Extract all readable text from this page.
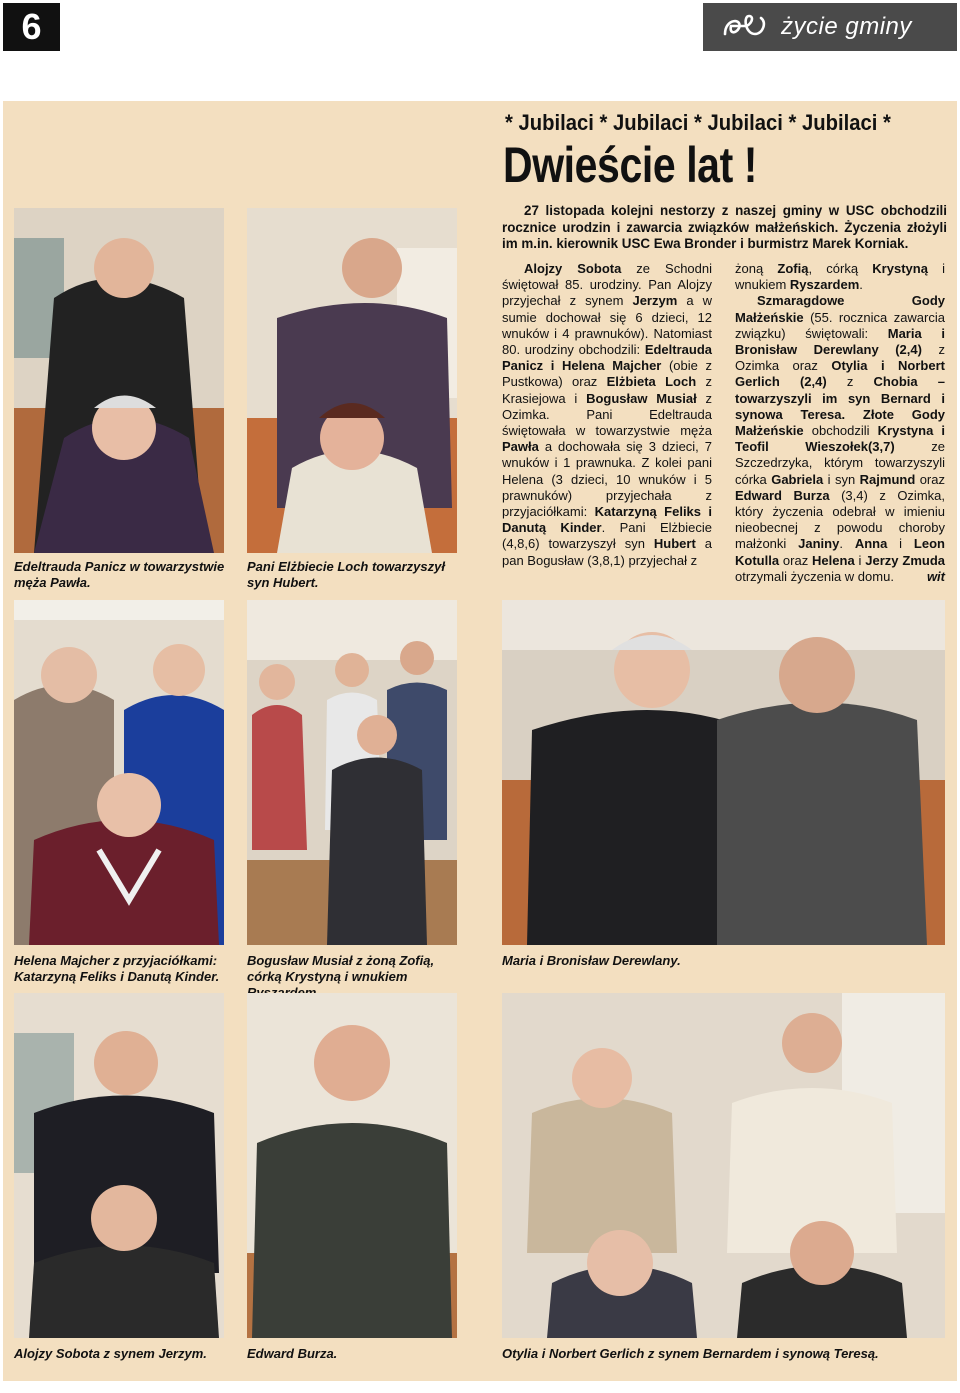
6	życie gminy
* Jubilaci * Jubilaci * Jubilaci * Jubilaci *
Dwieście lat !
27 listopada kolejni nestorzy z naszej gminy w USC obchodzili rocznice urodzin i zawarcia związków małżeńskich. Życzenia złożyli im m.in. kierownik USC Ewa Bronder i burmistrz Marek Korniak.
Alojzy Sobota ze Schodni świętował 85. urodziny. Pan Alojzy przyjechał z synem Jerzym a w sumie dochował się 6 dzieci, 12 wnuków i 4 prawnuków). Natomiast 80. urodziny obchodzili: Edeltrauda Panicz i Helena Majcher (obie z Pustkowa) oraz Elżbieta Loch z Krasiejowa i Bogusław Musiał z Ozimka. Pani Edeltrauda świętowała w towarzystwie męża Pawła a dochowała się 3 dzieci, 7 wnuków i 1 prawnuka. Z kolei pani Helena (3 dzieci, 10 wnuków i 5 prawnuków) przyjechała z przyjaciółkami: Katarzyną Feliks i Danutą Kinder. Pani Elżbiecie (4,8,6) towarzyszył syn Hubert a pan Bogusław (3,8,1) przyjechał z
żoną Zofią, córką Krystyną i wnukiem Ryszardem.
Szmaragdowe Gody Małżeńskie (55. rocznica zawarcia związku) świętowali: Maria i Bronisław Derewlany (2,4) z Ozimka oraz Otylia i Norbert Gerlich (2,4) z Chobia – towarzyszyli im syn Bernard i synowa Teresa. Złote Gody Małżeńskie obchodzili Krystyna i Teofil Wieszołek(3,7) ze Szczedrzyka, którym towarzyszyli córka Gabriela i syn Rajmund oraz Edward Burza (3,4) z Ozimka, który życzenia odebrał w imieniu nieobecnej z powodu choroby małżonki Janiny. Anna i Leon Kotulla oraz Helena i Jerzy Zmuda otrzymali życzenia w domu.	wit
Edeltrauda Panicz w towarzystwie męża Pawła.
Pani Elżbiecie Loch towarzyszył syn Hubert.
Helena Majcher z przyjaciółkami: Katarzyną Feliks i Danutą Kinder.
Bogusław Musiał z żoną Zofią, córką Krystyną i wnukiem
Maria i Bronisław Derewlany.
Alojzy Sobota z synem Jerzym.	Edward Burza.	Otylia i Norbert Gerlich z synem Bernardem i synową Teresą.
